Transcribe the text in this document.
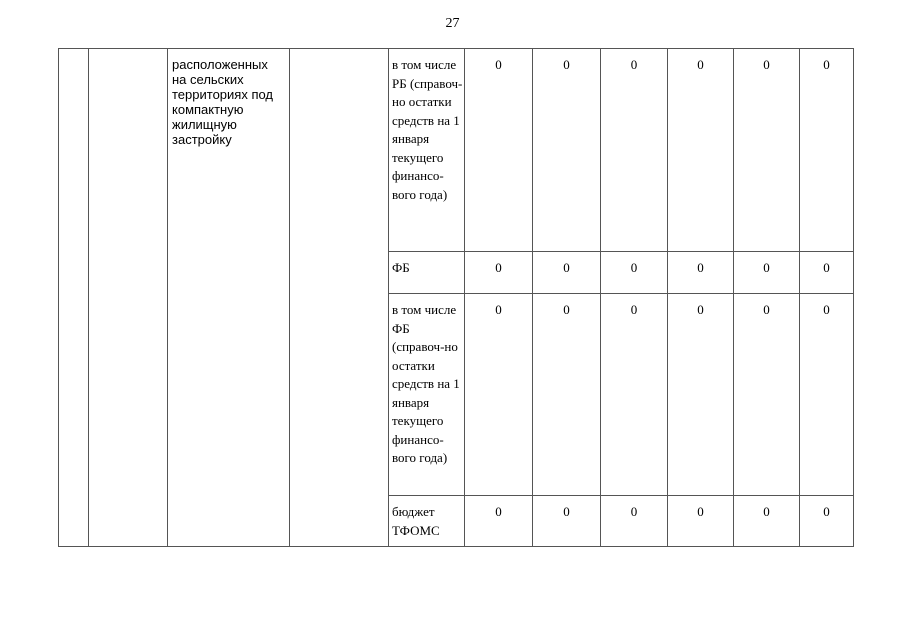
27
		расположенных на сельских территориях под компактную жилищную застройку		в том числе РБ (справоч-но остатки средств на 1 января текущего финансо-вого года)	0	0	0	0	0	0
				ФБ	0	0	0	0	0	0
				в том числе ФБ (справоч-но остатки средств на 1 января текущего финансо-вого года)	0	0	0	0	0	0
				бюджет ТФОМС	0	0	0	0	0	0
